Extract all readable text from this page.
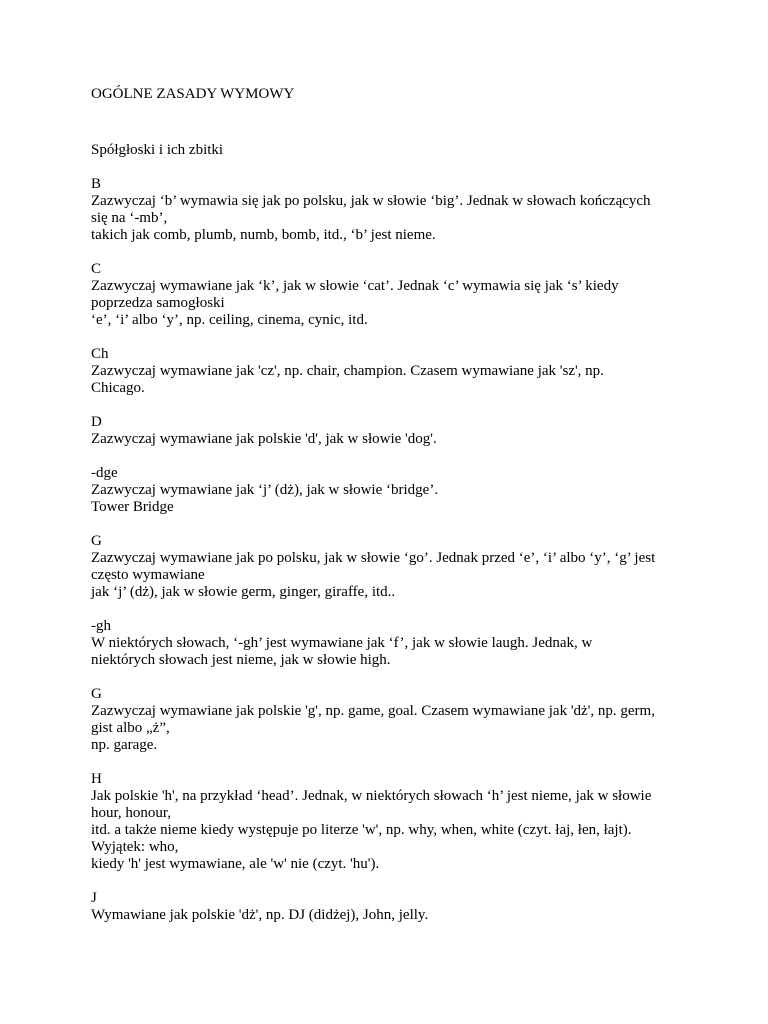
OGÓLNE ZASADY WYMOWY
Spółgłoski i ich zbitki
B
Zazwyczaj ‘b’ wymawia się jak po polsku, jak w słowie ‘big’. Jednak w słowach kończących
się na ‘-mb’,
takich jak comb, plumb, numb, bomb, itd., ‘b’ jest nieme.
C
Zazwyczaj wymawiane jak ‘k’, jak w słowie ‘cat’. Jednak ‘c’ wymawia się jak ‘s’ kiedy
poprzedza samogłoski
‘e’, ‘i’ albo ‘y’, np. ceiling, cinema, cynic, itd.
Ch
Zazwyczaj wymawiane jak 'cz', np. chair, champion. Czasem wymawiane jak 'sz', np.
Chicago.
D
Zazwyczaj wymawiane jak polskie 'd', jak w słowie 'dog'.
-dge
Zazwyczaj wymawiane jak ‘j’ (dż), jak w słowie ‘bridge’.
Tower Bridge
G
Zazwyczaj wymawiane jak po polsku, jak w słowie ‘go’. Jednak przed ‘e’, ‘i’ albo ‘y’, ‘g’ jest
często wymawiane
jak ‘j’ (dż), jak w słowie germ, ginger, giraffe, itd..
-gh
W niektórych słowach, ‘-gh’ jest wymawiane jak ‘f’, jak w słowie laugh. Jednak, w
niektórych słowach jest nieme, jak w słowie high.
G
Zazwyczaj wymawiane jak polskie 'g', np. game, goal. Czasem wymawiane jak 'dż', np. germ,
gist albo „ż”,
np. garage.
H
Jak polskie 'h', na przykład ‘head’. Jednak, w niektórych słowach ‘h’ jest nieme, jak w słowie
hour, honour,
itd. a także nieme kiedy występuje po literze 'w', np. why, when, white (czyt. łaj, łen, łajt).
Wyjątek: who,
kiedy 'h' jest wymawiane, ale 'w' nie (czyt. 'hu').
J
Wymawiane jak polskie 'dż', np. DJ (didżej), John, jelly.
